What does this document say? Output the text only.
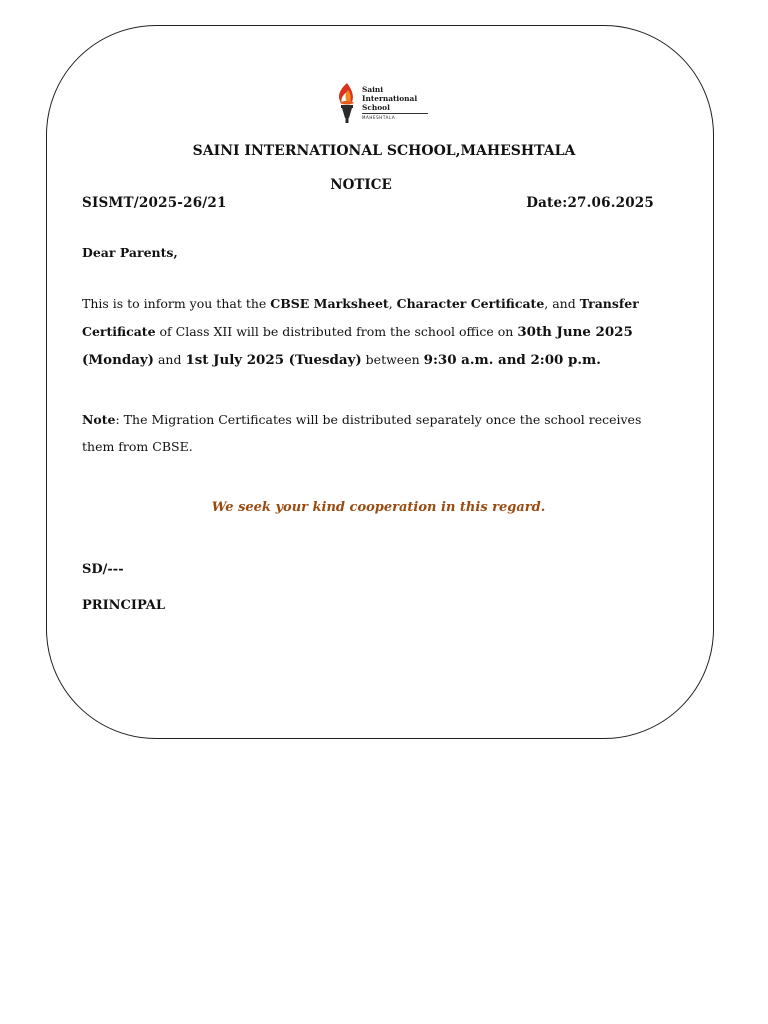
Saini
International
School
MAHESHTALA
SAINI INTERNATIONAL SCHOOL,MAHESHTALA
NOTICE
SISMT/2025-26/21	Date:27.06.2025
Dear Parents,
This is to inform you that the CBSE Marksheet, Character Certificate, and Transfer Certificate of Class XII will be distributed from the school office on 30th June 2025 (Monday) and 1st July 2025 (Tuesday) between 9:30 a.m. and 2:00 p.m.
Note: The Migration Certificates will be distributed separately once the school receives them from CBSE.
We seek your kind cooperation in this regard.
SD/---
PRINCIPAL
